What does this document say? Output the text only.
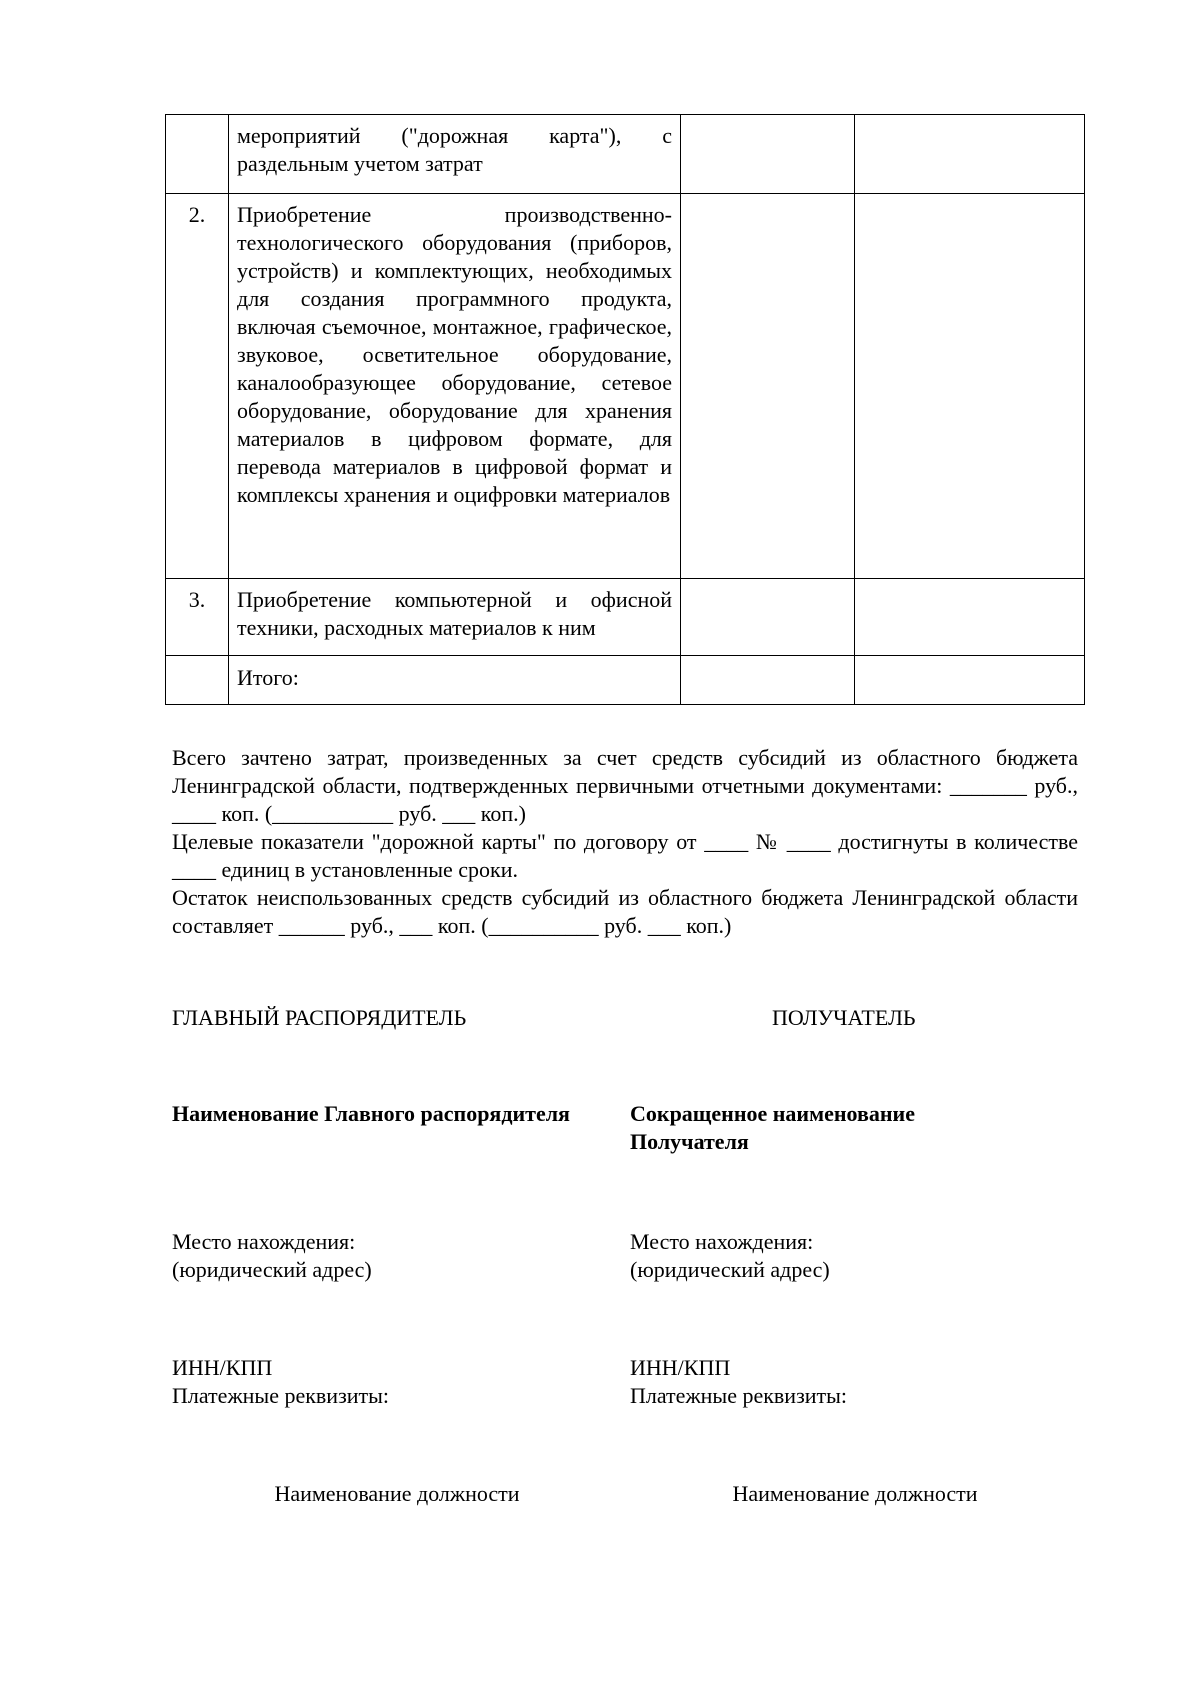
	мероприятий ("дорожная карта"), с раздельным учетом затрат		
2.	Приобретение производственно-технологического оборудования (приборов, устройств) и комплектующих, необходимых для создания программного продукта, включая съемочное, монтажное, графическое, звуковое, осветительное оборудование, каналообразующее оборудование, сетевое оборудование, оборудование для хранения материалов в цифровом формате, для перевода материалов в цифровой формат и комплексы хранения и оцифровки материалов		
3.	Приобретение компьютерной и офисной техники, расходных материалов к ним		
	Итого:		

Всего зачтено затрат, произведенных за счет средств субсидий из областного бюджета Ленинградской области, подтвержденных первичными отчетными документами: _______ руб., ____ коп. (___________ руб. ___ коп.)

Целевые показатели "дорожной карты" по договору от ____ № ____ достигнуты в количестве ____ единиц в установленные сроки.

Остаток неиспользованных средств субсидий из областного бюджета Ленинградской области составляет ______ руб., ___ коп. (__________ руб. ___ коп.)

ГЛАВНЫЙ РАСПОРЯДИТЕЛЬ
Наименование Главного распорядителя

Место нахождения:

(юридический адрес)

ИНН/КПП

Платежные реквизиты:

Наименование должности
ПОЛУЧАТЕЛЬ

Сокращенное наименование

Получателя

Место нахождения:

(юридический адрес)

ИНН/КПП

Платежные реквизиты:

Наименование должности
